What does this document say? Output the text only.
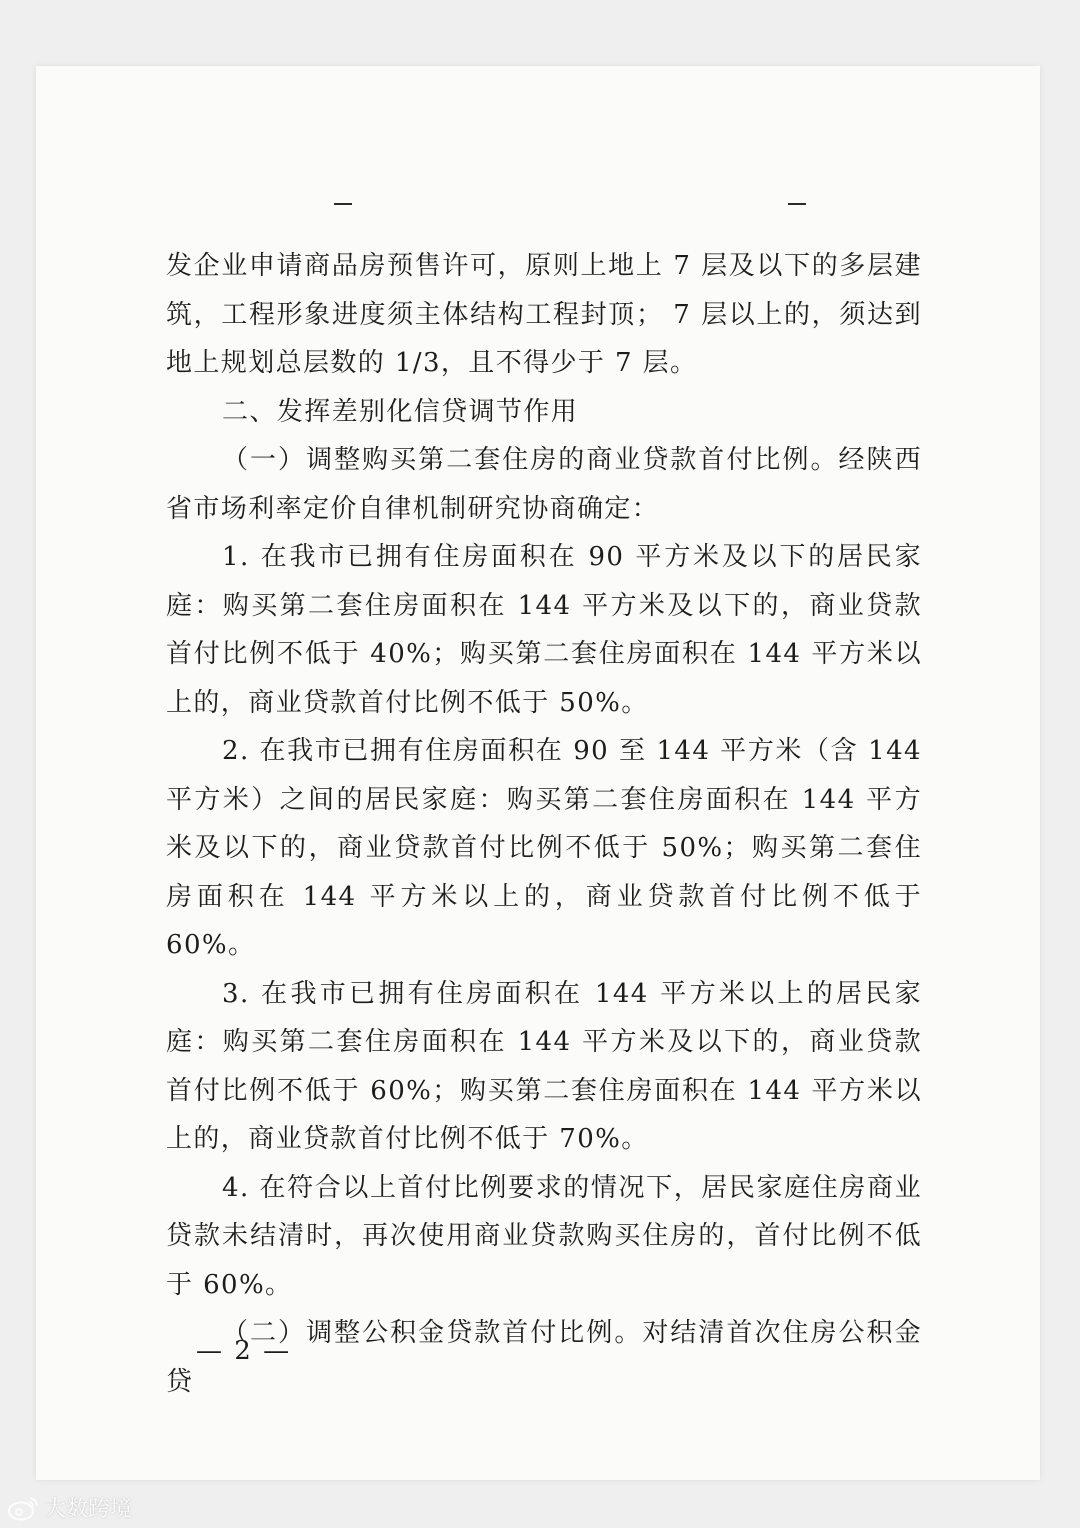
发企业申请商品房预售许可，原则上地上 7 层及以下的多层建筑，工程形象进度须主体结构工程封顶； 7 层以上的，须达到地上规划总层数的 1/3，且不得少于 7 层。

二、发挥差别化信贷调节作用

（一）调整购买第二套住房的商业贷款首付比例。经陕西省市场利率定价自律机制研究协商确定：

1. 在我市已拥有住房面积在 90 平方米及以下的居民家庭：购买第二套住房面积在 144 平方米及以下的，商业贷款首付比例不低于 40%；购买第二套住房面积在 144 平方米以上的，商业贷款首付比例不低于 50%。

2. 在我市已拥有住房面积在 90 至 144 平方米（含 144 平方米）之间的居民家庭：购买第二套住房面积在 144 平方米及以下的，商业贷款首付比例不低于 50%；购买第二套住房面积在 144 平方米以上的，商业贷款首付比例不低于 60%。

3. 在我市已拥有住房面积在 144 平方米以上的居民家庭：购买第二套住房面积在 144 平方米及以下的，商业贷款首付比例不低于 60%；购买第二套住房面积在 144 平方米以上的，商业贷款首付比例不低于 70%。

4. 在符合以上首付比例要求的情况下，居民家庭住房商业贷款未结清时，再次使用商业贷款购买住房的，首付比例不低于 60%。

（二）调整公积金贷款首付比例。对结清首次住房公积金贷

— 2 —
大数跨境
